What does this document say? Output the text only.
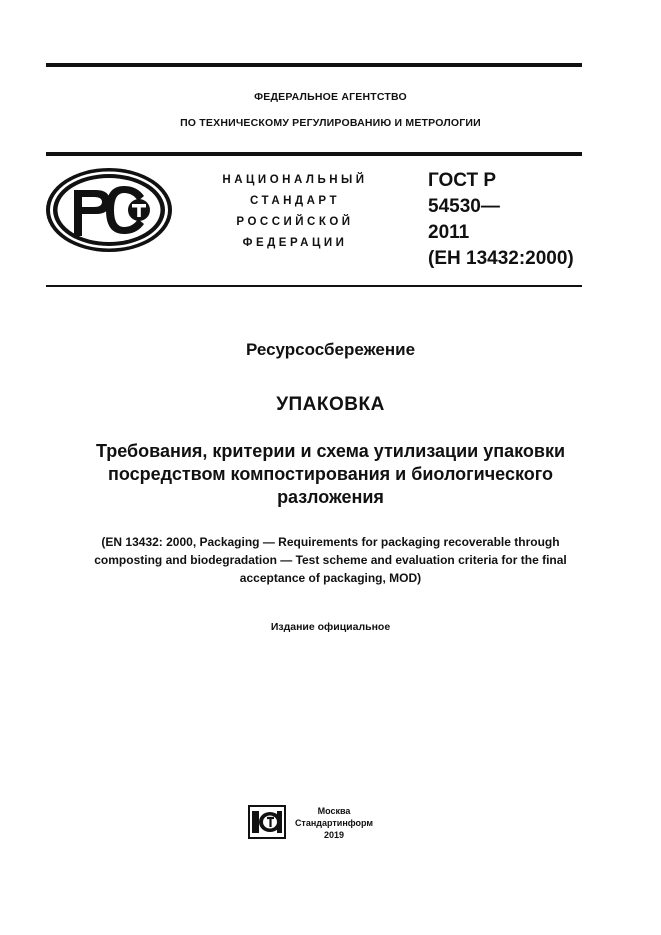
ФЕДЕРАЛЬНОЕ АГЕНТСТВО
ПО ТЕХНИЧЕСКОМУ РЕГУЛИРОВАНИЮ И МЕТРОЛОГИИ
НАЦИОНАЛЬНЫЙ
СТАНДАРТ
РОССИЙСКОЙ
ФЕДЕРАЦИИ
ГОСТ Р
54530—
2011
(ЕН 13432:2000)
Ресурсосбережение
УПАКОВКА
Требования, критерии и схема утилизации упаковки
посредством компостирования и биологического
разложения
(EN 13432: 2000, Packaging — Requirements for packaging recoverable through
composting and biodegradation — Test scheme and evaluation criteria for the final
acceptance of packaging, MOD)
Издание официальное
Москва
Стандартинформ
2019
